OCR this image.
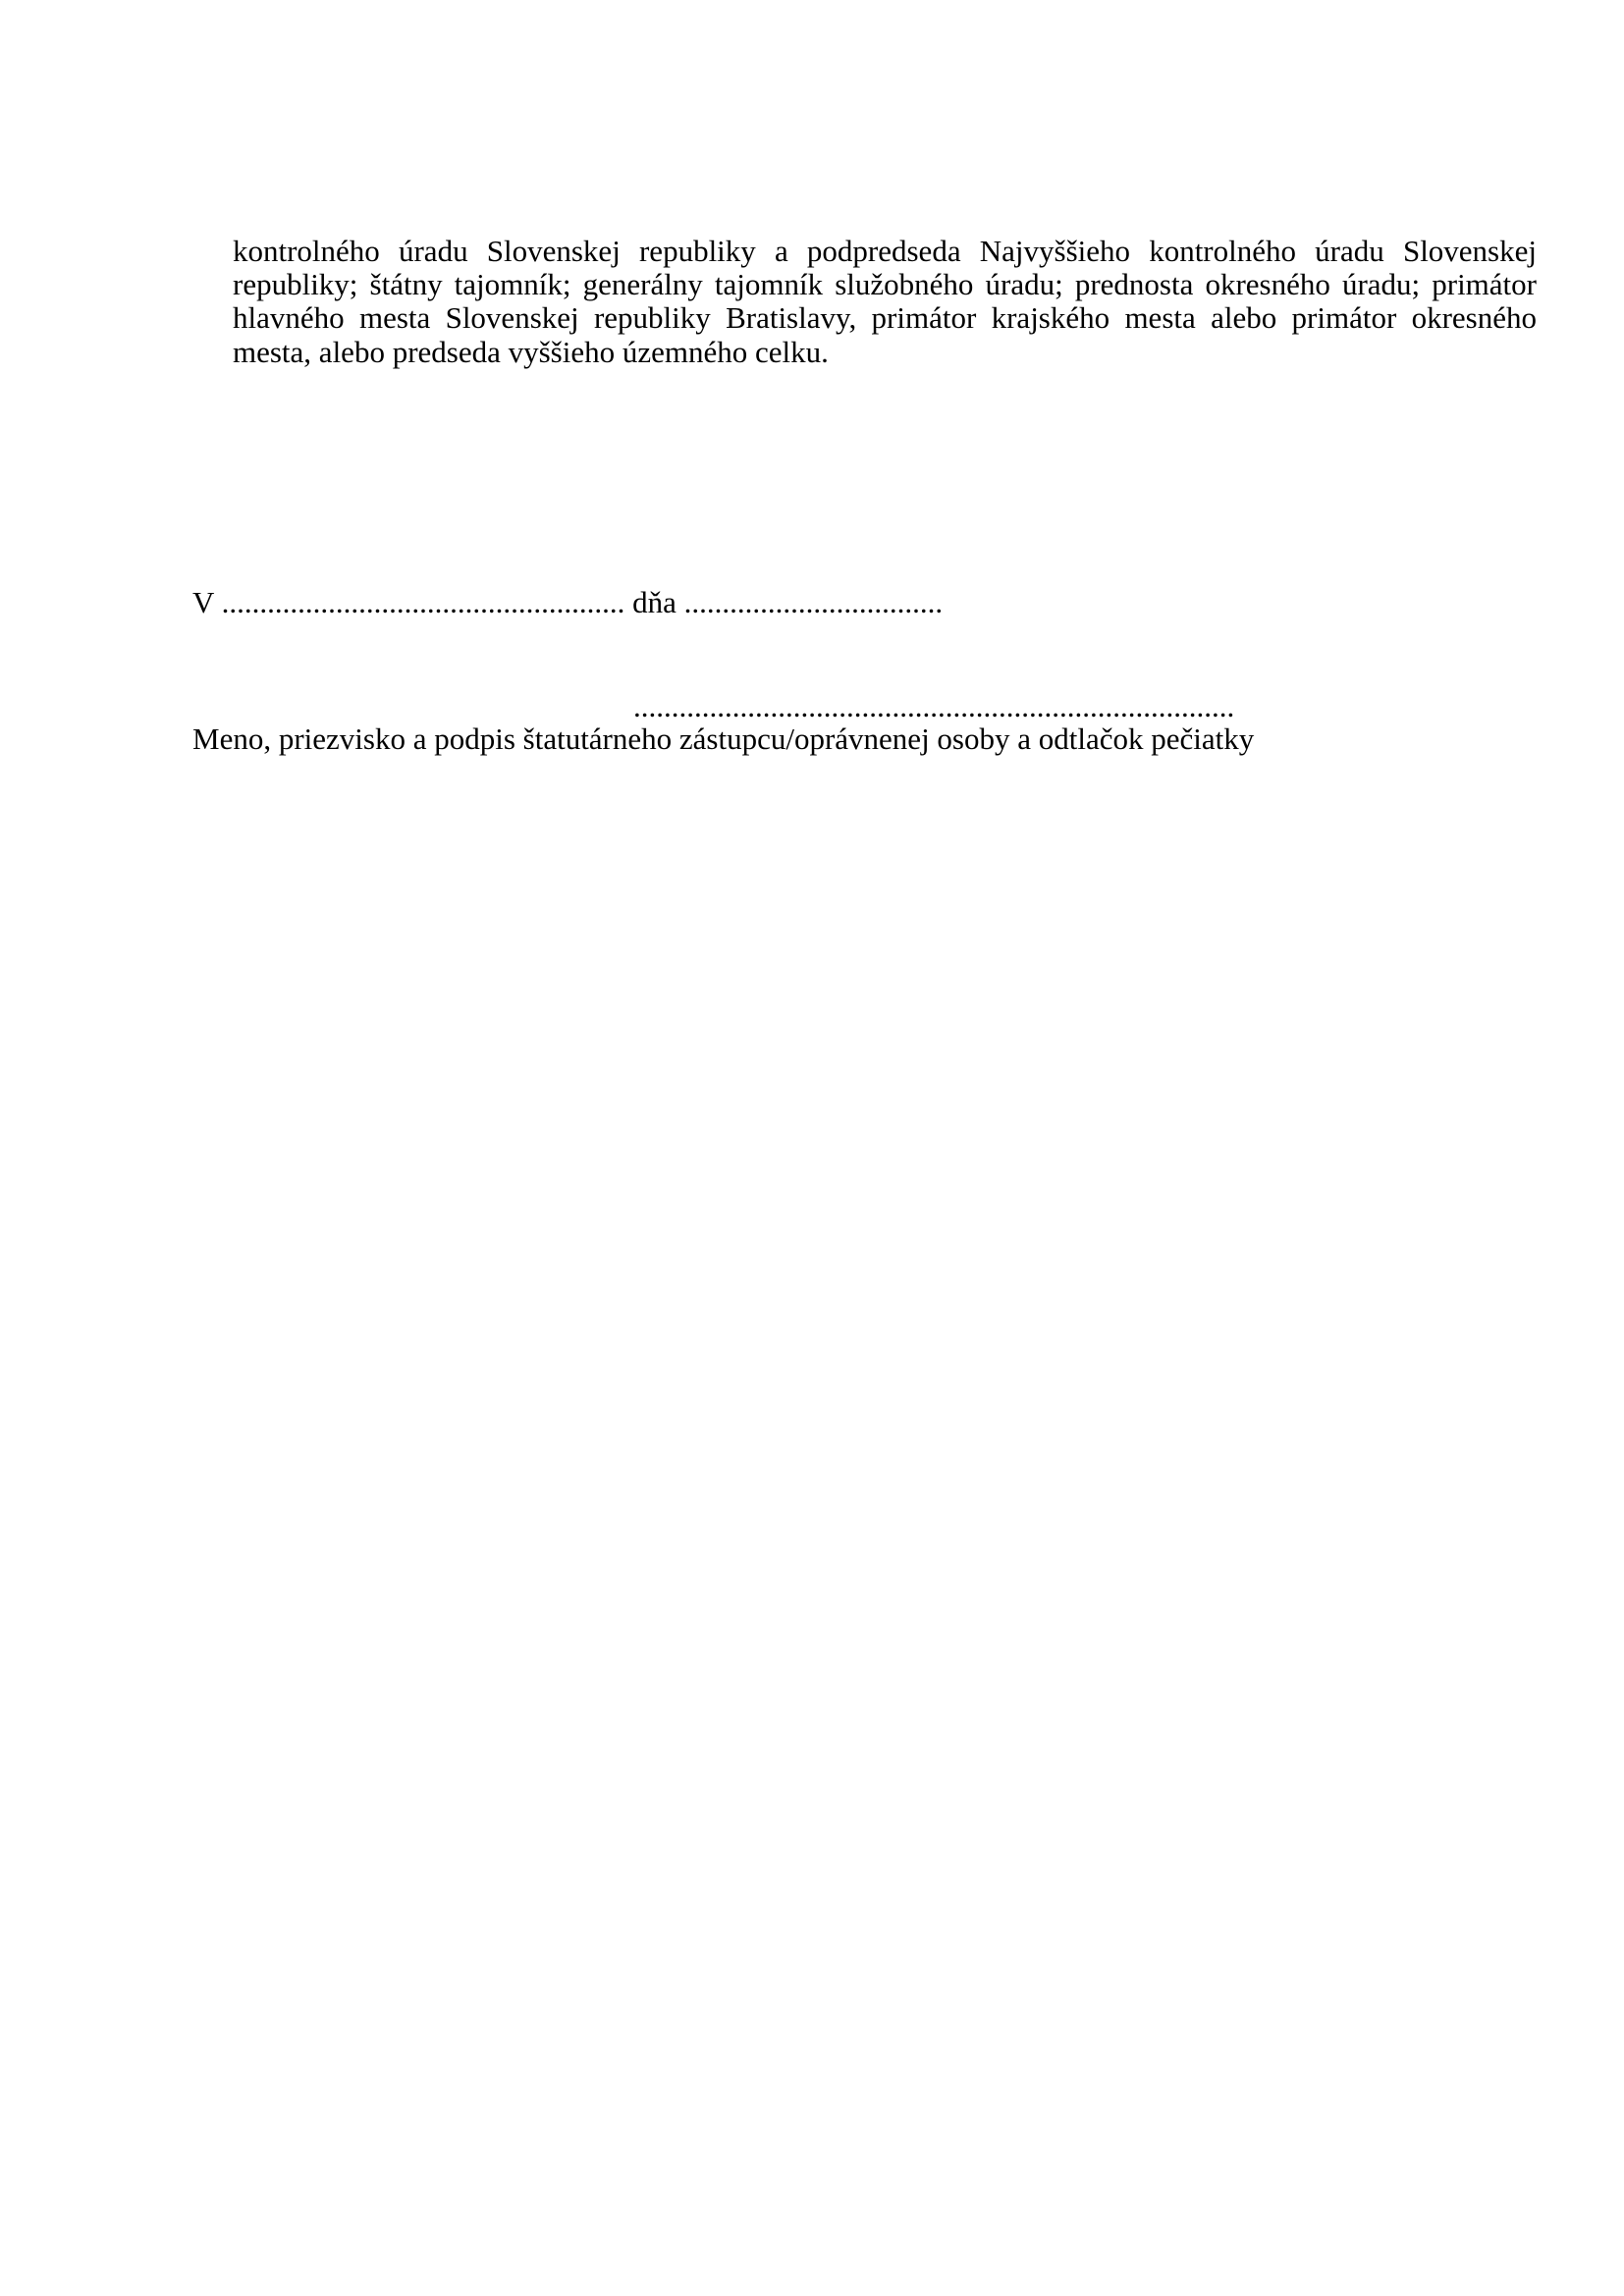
kontrolného úradu Slovenskej republiky a podpredseda Najvyššieho kontrolného úradu Slovenskej
republiky; štátny tajomník; generálny tajomník služobného úradu; prednosta okresného úradu; primátor
hlavného mesta Slovenskej republiky Bratislavy, primátor krajského mesta alebo primátor okresného
mesta, alebo predseda vyššieho územného celku.
V ..................................................... dňa ..................................
...............................................................................
Meno, priezvisko a podpis štatutárneho zástupcu/oprávnenej osoby a odtlačok pečiatky
